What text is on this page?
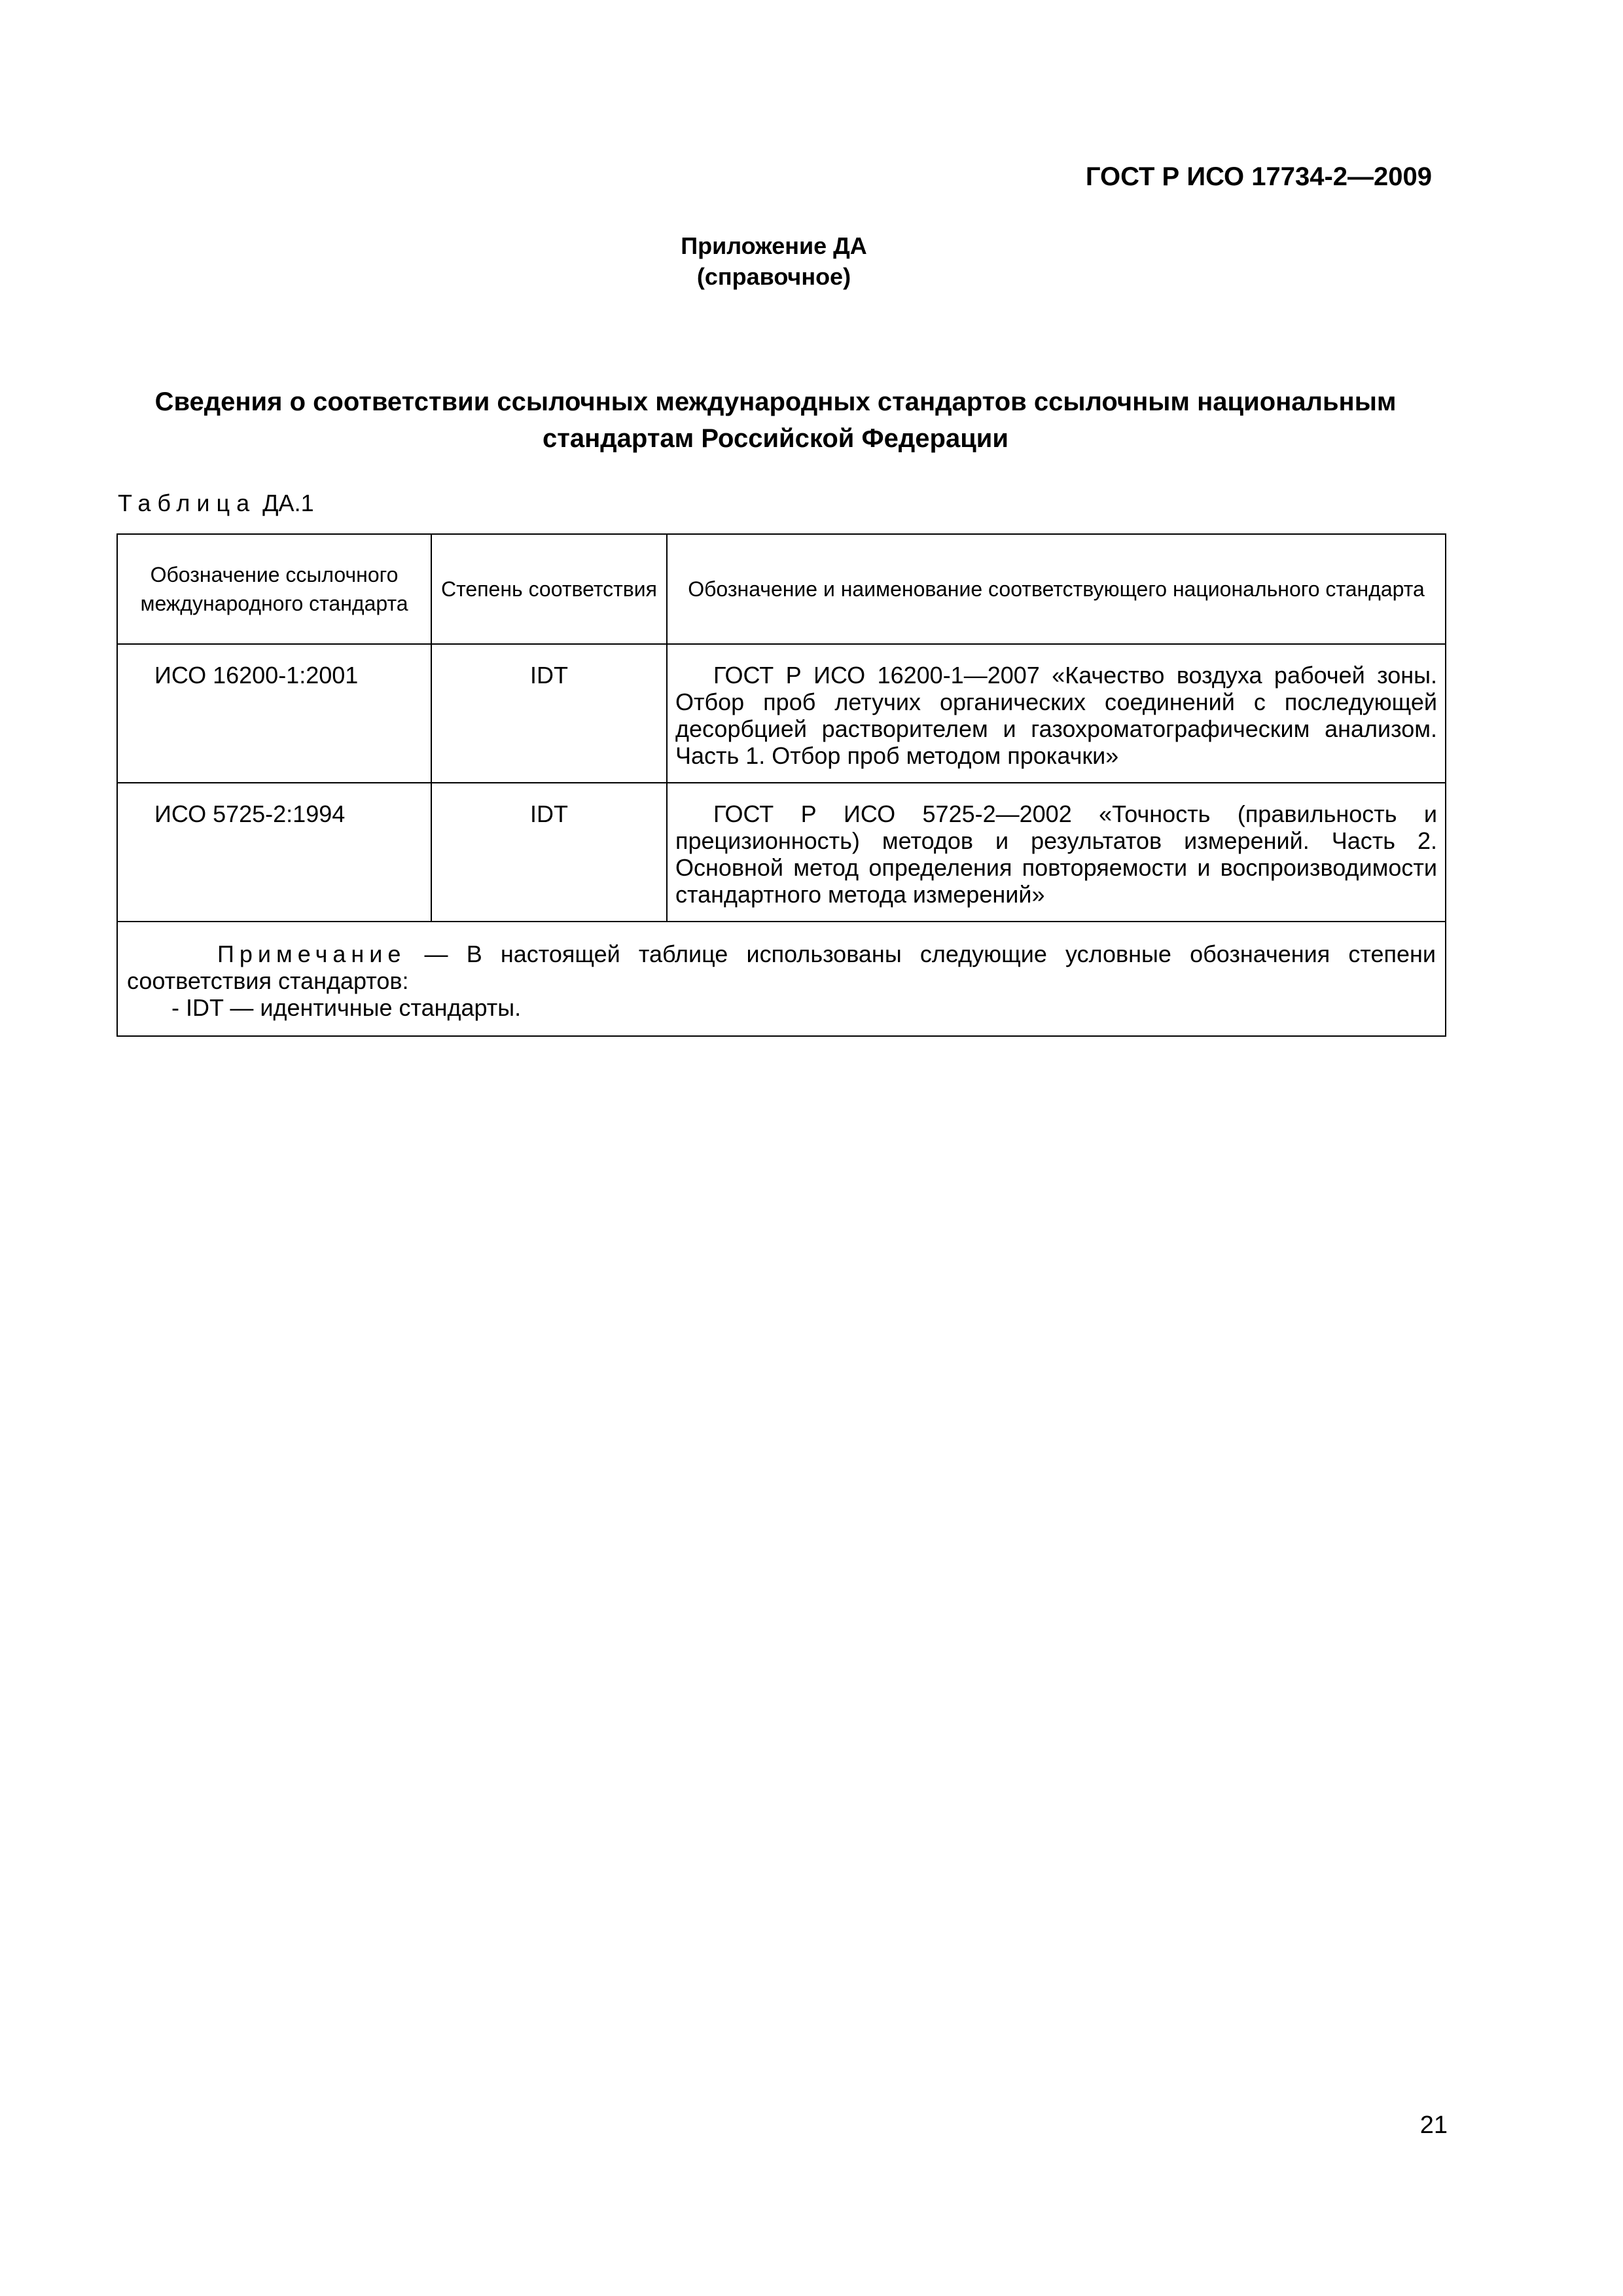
ГОСТ Р ИСО 17734-2—2009
Приложение ДА
(справочное)
Сведения о соответствии ссылочных международных стандартов ссылочным национальным стандартам Российской Федерации
Таблица ДА.1
Обозначение ссылочного международного стандарта	Степень соответствия	Обозначение и наименование соответствующего национального стандарта
ИСО 16200-1:2001	IDT	ГОСТ Р ИСО 16200-1—2007 «Качество воздуха рабочей зоны. Отбор проб летучих органических соединений с последующей десорбцией растворителем и газохроматографическим анализом. Часть 1. Отбор проб методом прокачки»
ИСО 5725-2:1994	IDT	ГОСТ Р ИСО 5725-2—2002 «Точность (правильность и прецизионность) методов и результатов измерений. Часть 2. Основной метод определения повторяемости и воспроизводимости стандартного метода измерений»

Примечание — В настоящей таблице использованы следующие условные обозначения степени соответствия стандартов:
- IDT — идентичные стандарты.		
21
